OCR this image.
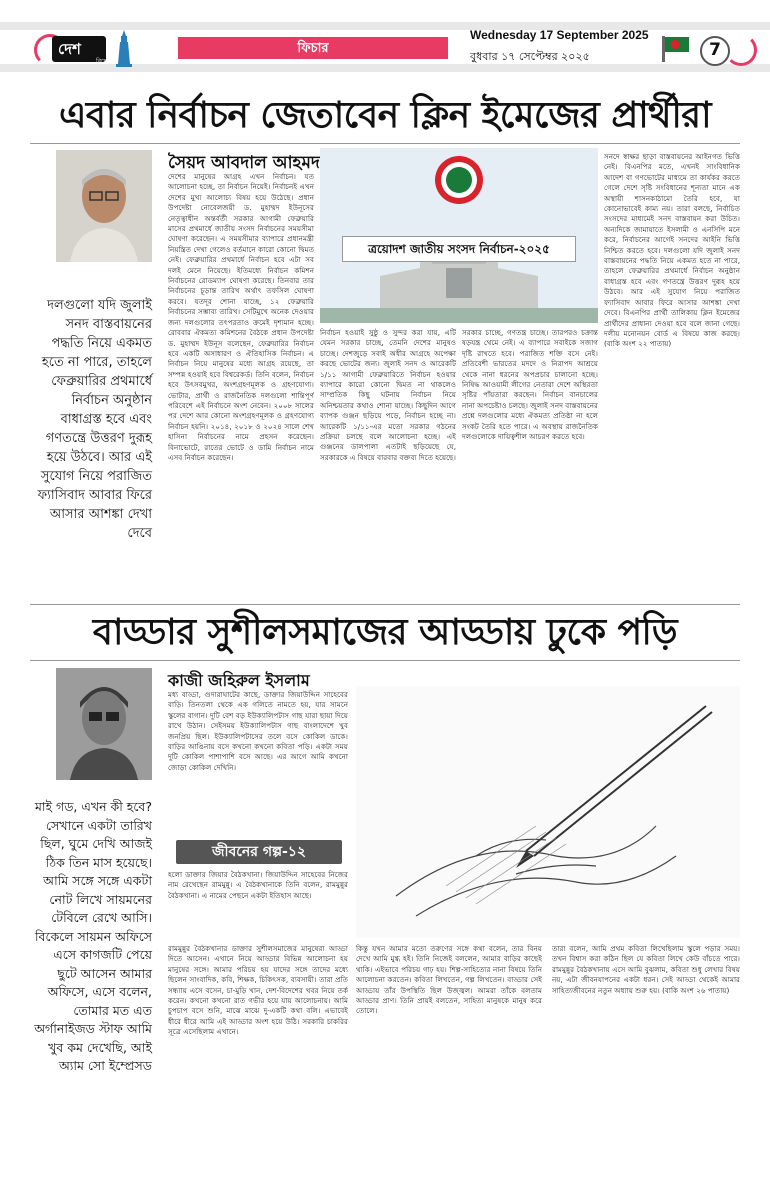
দেশ
বিদেশ
ফিচার
Wednesday 17 September 2025
বুধবার ১৭ সেপ্টেম্বর ২০২৫	7
এবার নির্বাচন জেতাবেন ক্লিন ইমেজের প্রার্থীরা
সৈয়দ আবদাল আহমদ
দলগুলো যদি জুলাই সনদ বাস্তবায়নের পদ্ধতি নিয়ে একমত হতে না পারে, তাহলে ফেব্রুয়ারির প্রথমার্ধে নির্বাচন অনুষ্ঠান বাধাগ্রস্ত হবে এবং গণতন্ত্রে উত্তরণ দুরূহ হয়ে উঠবে। আর এই সুযোগ নিয়ে পরাজিত ফ্যাসিবাদ আবার ফিরে আসার আশঙ্কা দেখা দেবে
দেশের মানুষের আগ্রহ এখন নির্বাচন। যত আলোচনা হচ্ছে, তা নির্বাচন নিয়েই। নির্বাচনই এখন দেশের মুখ্য আলোচ্য বিষয় হয়ে উঠেছে। প্রধান উপদেষ্টা নোবেলজয়ী ড. মুহাম্মদ ইউনূসের নেতৃত্বাধীন অন্তর্বর্তী সরকার আগামী ফেব্রুয়ারি মাসের প্রথমার্ধে জাতীয় সংসদ নির্বাচনের সময়সীমা ঘোষণা করেছেন। এ সময়সীমার ব্যাপারে প্রধানমন্ত্রী নিয়ন্ত্রিত দেখা গেলেও বর্তমানে কারো কোনো দ্বিমত নেই। ফেব্রুয়ারির প্রথমার্ধে নির্বাচন হবে এটা সব দলই মেনে নিয়েছে। ইতিমধ্যে নির্বাচন কমিশন নির্বাচনের রোডম্যাপ ঘোষণা করেছে। তিনবার তার নির্বাচনের চূড়ান্ত তারিখ অর্থাৎ তফসিল ঘোষণা করবে। যতদূর শোনা যাচ্ছে, ১২ ফেব্রুয়ারি নির্বাচনের সম্ভাব্য তারিখ। সেটিমুখে অনেক দেওয়ার জন্য দলগুলোর তৎপরতাও ক্রমেই দৃশ্যমান হচ্ছে। রোববার ঐকমত্য কমিশনের বৈঠকে প্রধান উপদেষ্টা ড. মুহাম্মদ ইউনূস বলেছেন, ফেব্রুয়ারির নির্বাচন হবে একটি অসাধারণ ও ঐতিহাসিক নির্বাচন। এ নির্বাচন নিয়ে মানুষের মধ্যে আগ্রহ রয়েছে, তা সম্পন্ন হওয়াই হবে বিশ্বরেকর্ড। তিনি বলেন, নির্বাচন হবে উৎসবমুখর, অংশগ্রহণমূলক ও গ্রহণযোগ্য। ভোটার, প্রার্থী ও রাজনৈতিক দলগুলো শান্তিপূর্ণ পরিবেশে এই নির্বাচনে অংশ নেবেন। ২০০৮ সালের পর দেশে আর কোনো অংশগ্রহণমূলক ও গ্রহণযোগ্য নির্বাচন হয়নি। ২০১৪, ২০১৮ ও ২০২৪ সালে শেখ হাসিনা নির্বাচনের নামে প্রহসন করেছেন। বিনাভোটে, রাতের ভোটে ও ডামি নির্বাচন নামে এসব নির্বাচন করেছেন।
ত্রয়োদশ জাতীয় সংসদ নির্বাচন-২০২৫
নির্বাচন হওয়াই সুষ্ঠু ও সুন্দর করা যায়, এটি যেমন সরকার চাচ্ছে, তেমনি দেশের মানুষও চাচ্ছে। দেশজুড়ে সবাই অধীর আগ্রহে অপেক্ষা করছে ভোটের জন্য। জুলাই সনদ ও আরেকটি ১/১১ আগামী ফেব্রুয়ারিতে নির্বাচন হওয়ার ব্যাপারে কারো কোনো দ্বিমত না থাকলেও সাম্প্রতিক কিছু ঘটনায় নির্বাচন নিয়ে অনিশ্চয়তার কথাও শোনা যাচ্ছে। কিছুদিন আগে ব্যাপক গুঞ্জন ছড়িয়ে পড়ে, নির্বাচন হচ্ছে না। আরেকটি ১/১১-এর মতো সরকার গঠনের প্রক্রিয়া চলছে বলে আলোচনা হচ্ছে। এই গুঞ্জনের ডালপালা এতটাই ছড়িয়েছে যে, সরকারকে এ বিষয়ে বারবার বক্তব্য দিতে হয়েছে।
সরকার চাচ্ছে, গণতন্ত্র চাচ্ছে। তারপরও চক্রান্ত ষড়যন্ত্র থেমে নেই। এ ব্যাপারে সবাইকে সজাগ দৃষ্টি রাখতে হবে। পরাজিত শক্তি বসে নেই। প্রতিবেশী ভারতের মদদে ও নিরাপদ আশ্রয়ে থেকে নানা ধরনের অপপ্রচার চালানো হচ্ছে। নিষিদ্ধ আওয়ামী লীগের নেতারা দেশে অস্থিরতা সৃষ্টির পাঁয়তারা করছেন। নির্বাচন বানচালের নানা অপচেষ্টাও চলছে। জুলাই সনদ বাস্তবায়নের প্রশ্নে দলগুলোর মধ্যে ঐকমত্য প্রতিষ্ঠা না হলে সংকট তৈরি হতে পারে। এ অবস্থায় রাজনৈতিক দলগুলোকে দায়িত্বশীল আচরণ করতে হবে।
সনদে স্বাক্ষর ছাড়া বাস্তবায়নের আইনগত ভিত্তি নেই। বিএনপির মতে, এখনই সাংবিধানিক আদেশ বা গণভোটের মাধ্যমে তা কার্যকর করতে গেলে দেশে সৃষ্টি সংবিধানের শূন্যতা মানে এক অস্থায়ী শাসনকাঠামো তৈরি হবে, যা কোনোভাবেই কাম্য নয়। তারা বলছে, নির্বাচিত সংসদের মাধ্যমেই সনদ বাস্তবায়ন করা উচিত। অন্যদিকে জামায়াতে ইসলামী ও এনসিপি মনে করে, নির্বাচনের আগেই সনদের আইনি ভিত্তি নিশ্চিত করতে হবে। দলগুলো যদি জুলাই সনদ বাস্তবায়নের পদ্ধতি নিয়ে একমত হতে না পারে, তাহলে ফেব্রুয়ারির প্রথমার্ধে নির্বাচন অনুষ্ঠান বাধাগ্রস্ত হবে এবং গণতন্ত্রে উত্তরণ দুরূহ হয়ে উঠবে। আর এই সুযোগ নিয়ে পরাজিত ফ্যাসিবাদ আবার ফিরে আসার আশঙ্কা দেখা দেবে। বিএনপির প্রার্থী তালিকায় ক্লিন ইমেজের প্রার্থীদের প্রাধান্য দেওয়া হবে বলে জানা গেছে। দলীয় মনোনয়ন বোর্ড এ বিষয়ে কাজ করছে। (বাকি অংশ ২২ পাতায়)
বাড্ডার সুশীলসমাজের আড্ডায় ঢুকে পড়ি
কাজী জহিরুল ইসলাম
মাই গড, এখন কী হবে? সেখানে একটা তারিখ ছিল, ঘুমে দেখি আজই ঠিক তিন মাস হয়েছে। আমি সঙ্গে সঙ্গে একটা নোট লিখে সায়মনের টেবিলে রেখে আসি। বিকেলে সায়মন অফিসে এসে কাগজটি পেয়ে ছুটে আসেন আমার অফিসে, এসে বলেন, তোমার মত এত অর্গানাইজড স্টাফ আমি খুব কম দেখেছি, আই অ্যাম সো ইম্প্রেসড
মধ্য বাড্ডা, গুদারাঘাটের কাছে, ডাক্তার জিয়াউদ্দিন সাহেবের বাড়ি। তিনতলা থেকে এক গলিতে নামতে হয়, যার সামনে স্কুলের বাগান। দুটি বেশ বড় ইউক্যালিপটাস গাছ যারা ছায়া দিয়ে রাখে উঠান। সেইসময় ইউক্যালিপটাস গাছ বাংলাদেশে খুব জনপ্রিয় ছিল। ইউক্যালিপটাসের তলে বসে কোকিল ডাকে। বাড়ির আঙিনায় বসে কখনো কখনো কবিতা পড়ি। একটা সময় দুটি কোকিল পাশাপাশি বসে আছে। এর আগে আমি কখনো জোড়া কোকিল দেখিনি।
জীবনের গল্প-১২
হলো ডাক্তার জিয়ার বৈঠকখানা। জিয়াউদ্দিন সাহেবের নিজের নাম রেখেছেন রামমুন্নু। এ বৈঠকখানাকে তিনি বলেন, রামমুন্নুর বৈঠকখানা। এ নামের পেছনে একটা ইতিহাস আছে।
রামমুন্নুর বৈঠকখানার ডাক্তার সুশীলসমাজের মানুষেরা আড্ডা দিতে আসেন। এখানে নিয়ে আড্ডার বিভিন্ন আলোচনা হয় মানুষের সঙ্গে। আমার পরিচয় হয় যাদের সঙ্গে তাদের মধ্যে ছিলেন সাংবাদিক, কবি, শিক্ষক, চিকিৎসক, ব্যবসায়ী। তারা প্রতি সন্ধ্যায় এসে বসেন, চা-মুড়ি খান, দেশ-বিদেশের খবর নিয়ে তর্ক করেন। কখনো কখনো রাত গভীর হয়ে যায় আলোচনায়। আমি চুপচাপ বসে শুনি, মাঝে মাঝে দু-একটি কথা বলি। এভাবেই ধীরে ধীরে আমি এই আড্ডার অংশ হয়ে উঠি। সরকারি চাকরির সূত্রে এসেছিলাম এখানে।
কিন্তু যখন আমার মতো তরুণের সঙ্গে কথা বলেন, তার বিনয় দেখে আমি মুগ্ধ হই। তিনি নিজেই বললেন, আমার বাড়ির কাছেই থাকি। এইভাবে পরিচয় গাঢ় হয়। শিল্প-সাহিত্যের নানা বিষয়ে তিনি আলোচনা করতেন। কবিতা লিখতেন, গল্প লিখতেন। বাড্ডার সেই আড্ডায় তাঁর উপস্থিতি ছিল উজ্জ্বল। আমরা তাঁকে বলতাম আড্ডার প্রাণ। তিনি প্রায়ই বলতেন, সাহিত্য মানুষকে মানুষ করে তোলে।
তারা বলেন, আমি প্রথম কবিতা লিখেছিলাম স্কুলে পড়ার সময়। তখন বিশ্বাস করা কঠিন ছিল যে কবিতা লিখে কেউ বাঁচতে পারে। রামমুন্নুর বৈঠকখানায় এসে আমি বুঝলাম, কবিতা শুধু লেখার বিষয় নয়, এটা জীবনযাপনের একটা ধরন। সেই আড্ডা থেকেই আমার সাহিত্যজীবনের নতুন অধ্যায় শুরু হয়। (বাকি অংশ ২৬ পাতায়)
